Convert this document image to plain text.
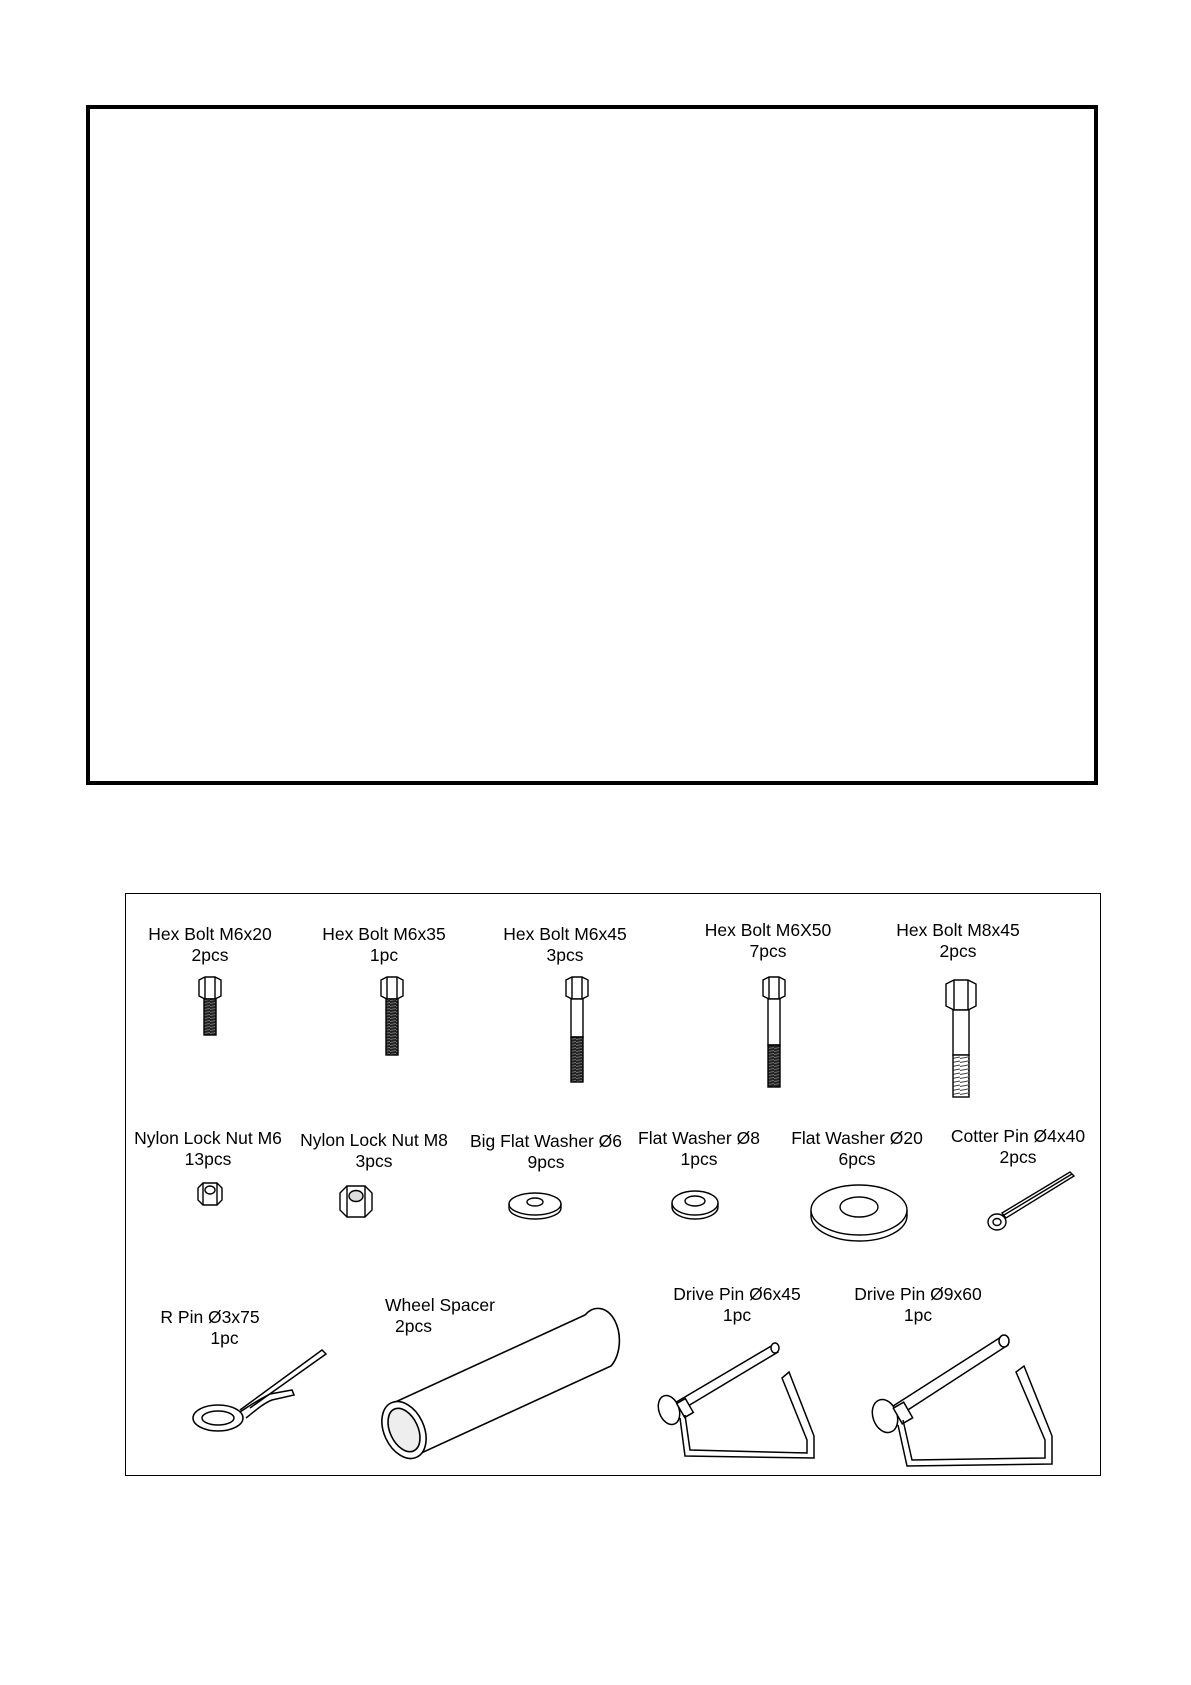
Hex Bolt M6x20
2pcs
Hex Bolt M6x35
1pc
Hex Bolt M6x45
3pcs
Hex Bolt M6X50
7pcs
Hex Bolt M8x45
2pcs
Nylon Lock Nut M6
13pcs
Nylon Lock Nut M8
3pcs
Big Flat Washer Ø6
9pcs
Flat Washer Ø8
1pcs
Flat Washer Ø20
6pcs
Cotter Pin Ø4x40
2pcs
R Pin Ø3x75
1pc
Wheel Spacer
2pcs
Drive Pin Ø6x45
1pc
Drive Pin Ø9x60
1pc
